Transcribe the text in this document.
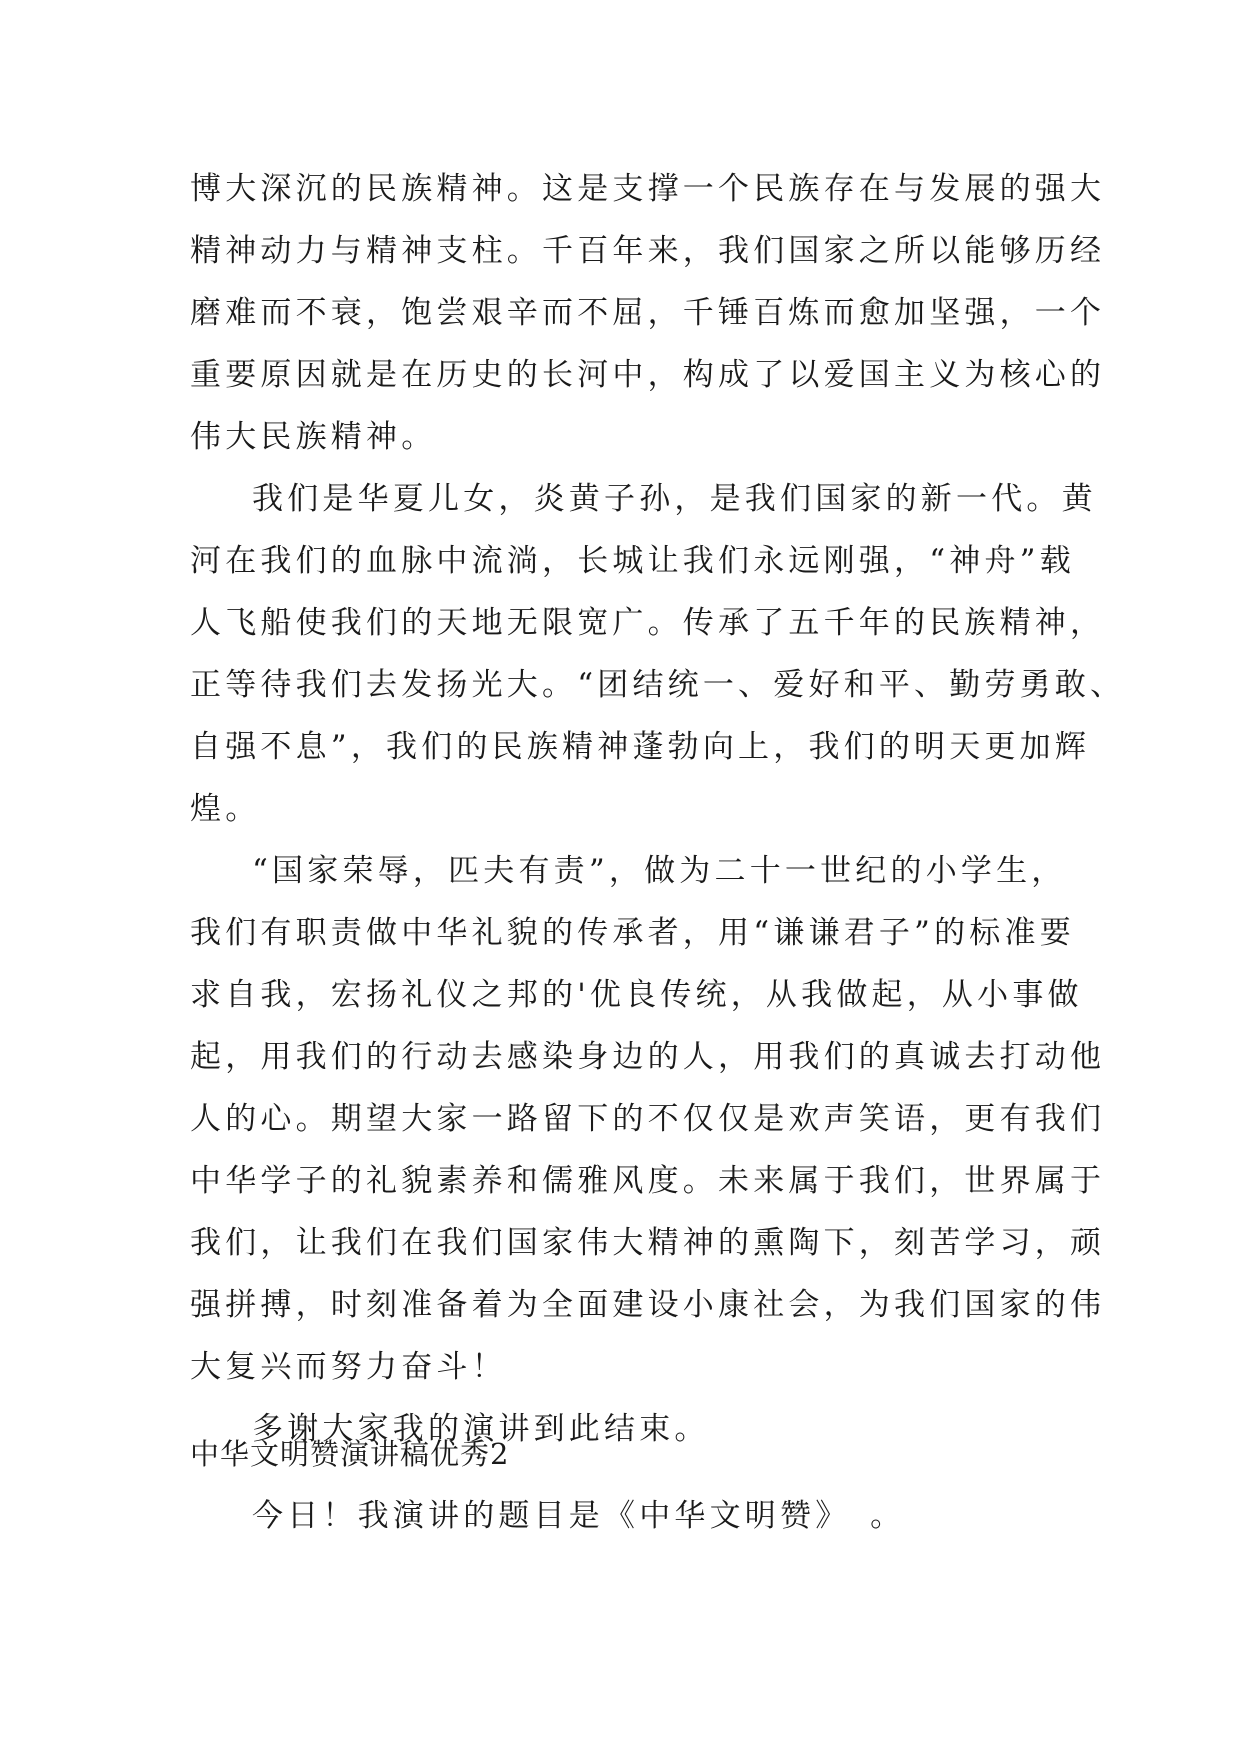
博大深沉的民族精神。这是支撑一个民族存在与发展的强大
精神动力与精神支柱。千百年来，我们国家之所以能够历经
磨难而不衰，饱尝艰辛而不屈，千锤百炼而愈加坚强，一个
重要原因就是在历史的长河中，构成了以爱国主义为核心的
伟大民族精神。
我们是华夏儿女，炎黄子孙，是我们国家的新一代。黄
河在我们的血脉中流淌，长城让我们永远刚强，“神舟”载
人飞船使我们的天地无限宽广。传承了五千年的民族精神，
正等待我们去发扬光大。“团结统一、爱好和平、勤劳勇敢、
自强不息”，我们的民族精神蓬勃向上，我们的明天更加辉
煌。
“国家荣辱，匹夫有责”，做为二十一世纪的小学生，
我们有职责做中华礼貌的传承者，用“谦谦君子”的标准要
求自我，宏扬礼仪之邦的'优良传统，从我做起，从小事做
起，用我们的行动去感染身边的人，用我们的真诚去打动他
人的心。期望大家一路留下的不仅仅是欢声笑语，更有我们
中华学子的礼貌素养和儒雅风度。未来属于我们，世界属于
我们，让我们在我们国家伟大精神的熏陶下，刻苦学习，顽
强拼搏，时刻准备着为全面建设小康社会，为我们国家的伟
大复兴而努力奋斗！
多谢大家我的演讲到此结束。
中华文明赞演讲稿优秀2
今日！我演讲的题目是《中华文明赞》　。
